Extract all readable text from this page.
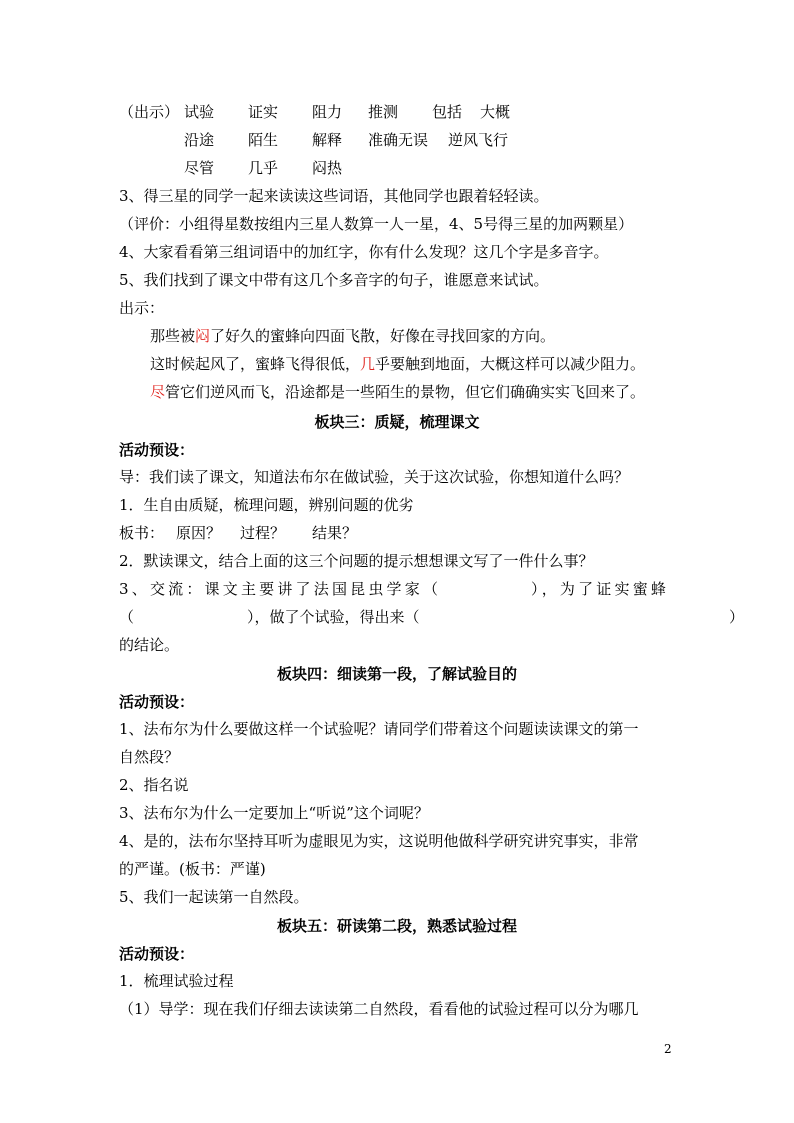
（出示） 试验 证实 阻力 推测 包括 大概
沿途 陌生 解释 准确无误 逆风飞行
尽管 几乎 闷热
3、得三星的同学一起来读读这些词语，其他同学也跟着轻轻读。
（评价：小组得星数按组内三星人数算一人一星，4、5号得三星的加两颗星）
4、大家看看第三组词语中的加红字，你有什么发现？这几个字是多音字。
5、我们找到了课文中带有这几个多音字的句子，谁愿意来试试。
出示：
那些被闷了好久的蜜蜂向四面飞散，好像在寻找回家的方向。
这时候起风了，蜜蜂飞得很低，几乎要触到地面，大概这样可以减少阻力。
尽管它们逆风而飞，沿途都是一些陌生的景物，但它们确确实实飞回来了。
板块三：质疑，梳理课文
活动预设：
导：我们读了课文，知道法布尔在做试验，关于这次试验，你想知道什么吗？
1．生自由质疑，梳理问题，辨别问题的优劣
板书： 原因？ 过程？ 结果？
2．默读课文，结合上面的这三个问题的提示想想课文写了一件什么事？
3、交流：课文主要讲了法国昆虫学家（	），为了证实蜜蜂
（	），做了个试验，得出来（	）
的结论。
板块四：细读第一段，了解试验目的
活动预设：
1、法布尔为什么要做这样一个试验呢？请同学们带着这个问题读读课文的第一
自然段？
2、指名说
3、法布尔为什么一定要加上“听说”这个词呢？
4、是的，法布尔坚持耳听为虚眼见为实，这说明他做科学研究讲究事实，非常
的严谨。(板书：严谨)
5、我们一起读第一自然段。
板块五：研读第二段，熟悉试验过程
活动预设：
1．梳理试验过程
（1）导学：现在我们仔细去读读第二自然段，看看他的试验过程可以分为哪几
2
